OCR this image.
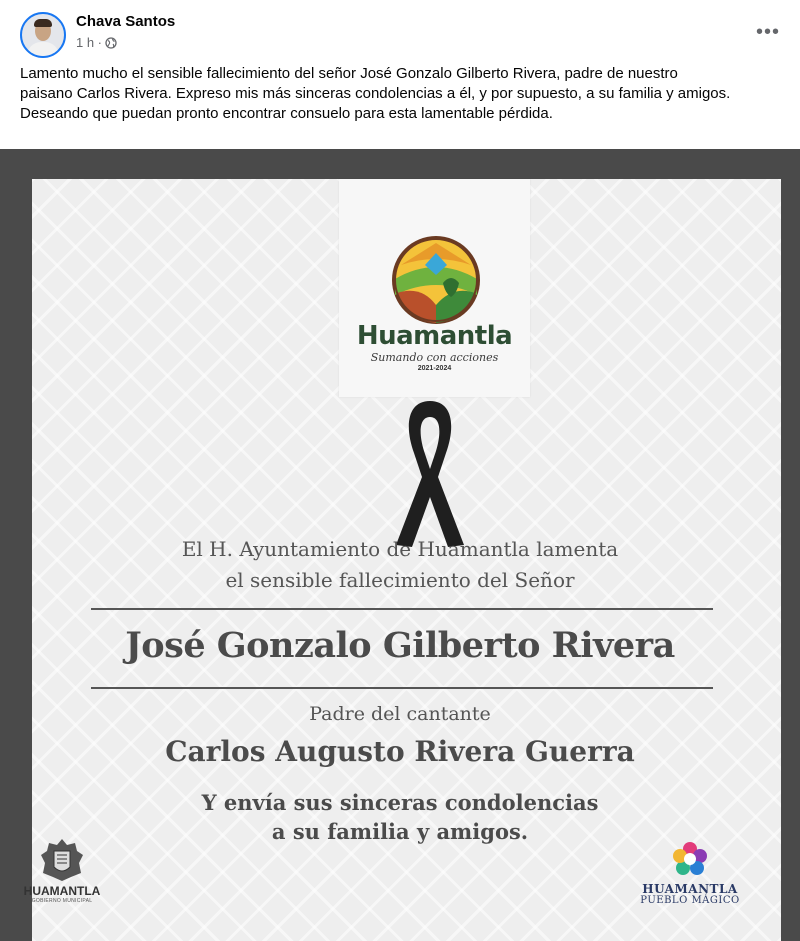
Chava Santos
1 h ·	•••
Lamento mucho el sensible fallecimiento del señor José Gonzalo Gilberto Rivera, padre de nuestro
paisano Carlos Rivera. Expreso mis más sinceras condolencias a él, y por supuesto, a su familia y amigos.
Deseando que puedan pronto encontrar consuelo para esta lamentable pérdida.
Huamantla
Sumando con acciones
2021-2024
El H. Ayuntamiento de Huamantla lamenta
el sensible fallecimiento del Señor
José Gonzalo Gilberto Rivera
Padre del cantante
Carlos Augusto Rivera Guerra
Y envía sus sinceras condolencias
a su familia y amigos.
HUAMANTLA
GOBIERNO MUNICIPAL
HUAMANTLA
PUEBLO MÁGICO
